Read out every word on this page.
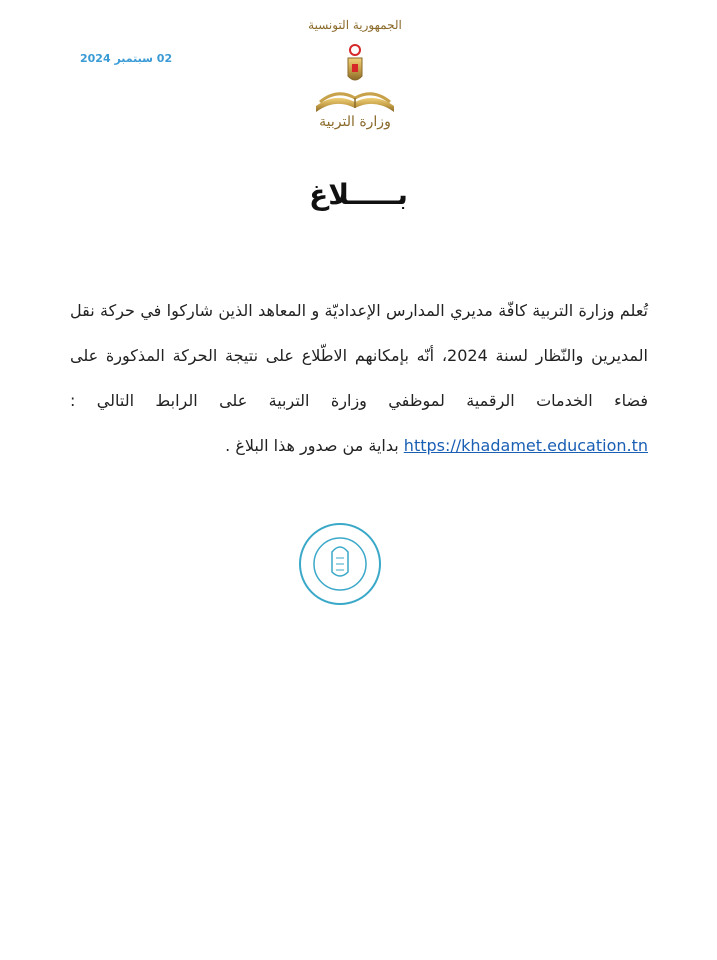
02 سبتمبر 2024
الجمهورية التونسية
وزارة التربية
بـــــلاغ
تُعلم وزارة التربية كافّة مديري المدارس الإعداديّة و المعاهد الذين شاركوا في حركة نقل المديرين والنّظار لسنة 2024، أنّه بإمكانهم الاطّلاع على نتيجة الحركة المذكورة على فضاء الخدمات الرقمية لموظفي وزارة التربية على الرابط التالي : https://khadamet.education.tn بداية من صدور هذا البلاغ .
